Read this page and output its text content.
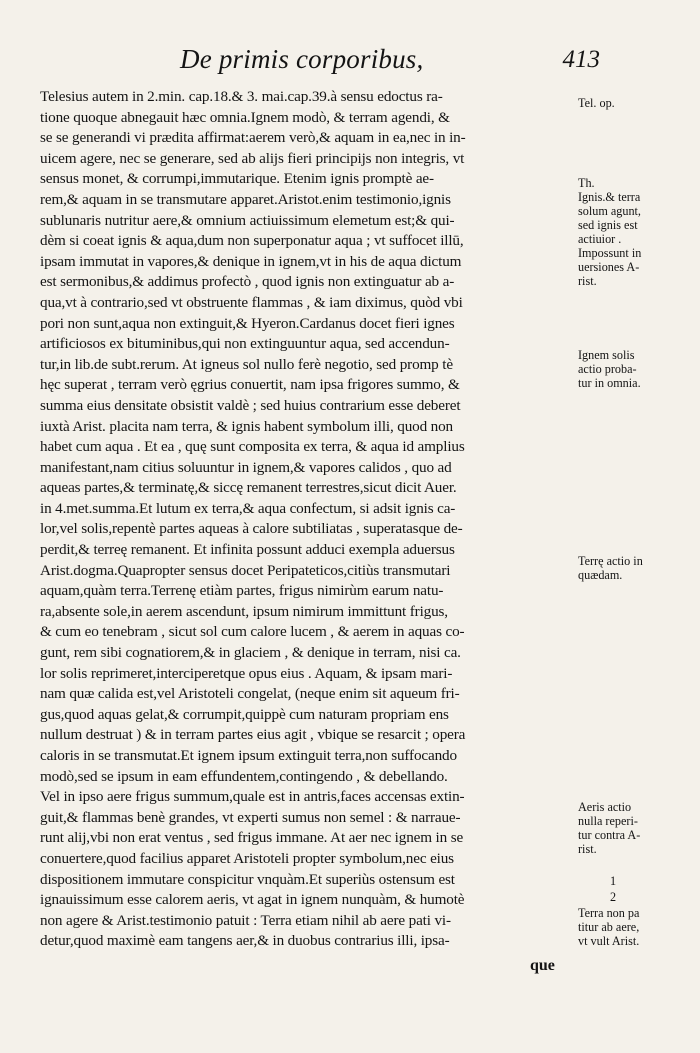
De primis corporibus,	413
Telesius autem in 2.min. cap.18.& 3. mai.cap.39.à sensu edoctus ra-
tione quoque abnegauit hæc omnia.Ignem modò, & terram agendi, &
se se generandi vi prædita affirmat:aerem verò,& aquam in ea,nec in in-
uicem agere, nec se generare, sed ab alijs fieri principijs non integris, vt
sensus monet, & corrumpi,immutarique. Etenim ignis promptè ae-
rem,& aquam in se transmutare apparet.Aristot.enim testimonio,ignis
sublunaris nutritur aere,& omnium actiuissimum elemetum est;& qui-
dèm si coeat ignis & aqua,dum non superponatur aqua ; vt suffocet illū,
ipsam immutat in vapores,& denique in ignem,vt in his de aqua dictum
est sermonibus,& addimus profectò , quod ignis non extinguatur ab a-
qua,vt à contrario,sed vt obstruente flammas , & iam diximus, quòd vbi
pori non sunt,aqua non extinguit,& Hyeron.Cardanus docet fieri ignes
artificiosos ex bituminibus,qui non extinguuntur aqua, sed accendun-
tur,in lib.de subt.rerum. At igneus sol nullo ferè negotio, sed promp tè
hęc superat , terram verò ęgrius conuertit, nam ipsa frigores summo, &
summa eius densitate obsistit valdè ; sed huius contrarium esse deberet
iuxtà Arist. placita nam terra, & ignis habent symbolum illi, quod non
habet cum aqua . Et ea , quę sunt composita ex terra, & aqua id amplius
manifestant,nam citius soluuntur in ignem,& vapores calidos , quo ad
aqueas partes,& terminatę,& siccę remanent terrestres,sicut dicit Auer.
in 4.met.summa.Et lutum ex terra,& aqua confectum, si adsit ignis ca-
lor,vel solis,repentè partes aqueas à calore subtiliatas , superatasque de-
perdit,& terreę remanent. Et infinita possunt adduci exempla aduersus
Arist.dogma.Quapropter sensus docet Peripateticos,citiùs transmutari
aquam,quàm terra.Terrenę etiàm partes, frigus nimirùm earum natu-
ra,absente sole,in aerem ascendunt, ipsum nimirum immittunt frigus,
& cum eo tenebram , sicut sol cum calore lucem , & aerem in aquas co-
gunt, rem sibi cognatiorem,& in glaciem , & denique in terram, nisi ca.
lor solis reprimeret,interciperetque opus eius . Aquam, & ipsam mari-
nam quæ calida est,vel Aristoteli congelat, (neque enim sit aqueum fri-
gus,quod aquas gelat,& corrumpit,quippè cum naturam propriam ens
nullum destruat ) & in terram partes eius agit , vbique se resarcit ; opera
caloris in se transmutat.Et ignem ipsum extinguit terra,non suffocando
modò,sed se ipsum in eam effundentem,contingendo , & debellando.
Vel in ipso aere frigus summum,quale est in antris,faces accensas extin-
guit,& flammas benè grandes, vt experti sumus non semel : & narraue-
runt alij,vbi non erat ventus , sed frigus immane. At aer nec ignem in se
conuertere,quod facilius apparet Aristoteli propter symbolum,nec eius
dispositionem immutare conspicitur vnquàm.Et superiùs ostensum est
ignauissimum esse calorem aeris, vt agat in ignem nunquàm, & humotè
non agere & Arist.testimonio patuit : Terra etiam nihil ab aere pati vi-
detur,quod maximè eam tangens aer,& in duobus contrarius illi, ipsa-
que
Tel. op.
Th.
Ignis.& terra
solum agunt,
sed ignis est
actiuior .
Impossunt in
uersiones A-
rist.
Ignem solis
actio proba-
tur in omnia.
Terrę actio in
quædam.
Aeris actio
nulla reperi-
tur contra A-
rist.
1
2
Terra non pa
titur ab aere,
vt vult Arist.
